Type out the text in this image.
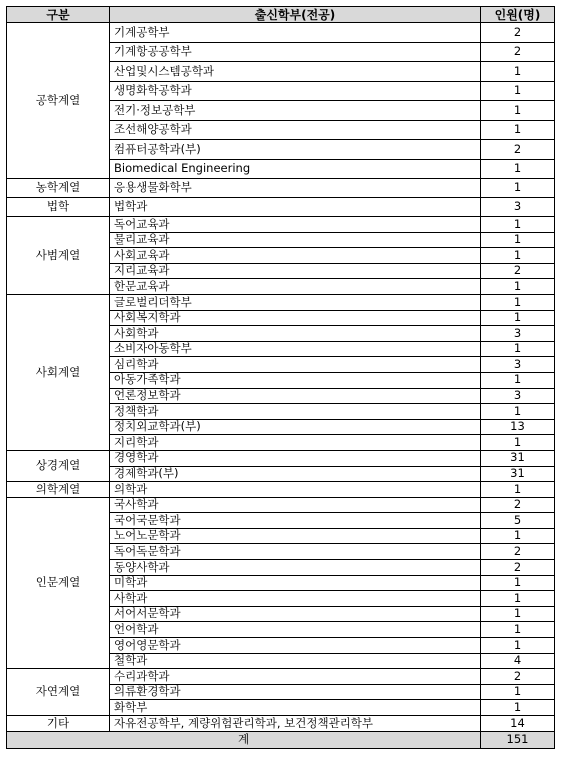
구분	출신학부(전공)	인원(명)
공학계열	기계공학부	2
	기계항공공학부	2
	산업및시스템공학과	1
	생명화학공학과	1
	전기·정보공학부	1
	조선해양공학과	1
	컴퓨터공학과(부)	2
	Biomedical Engineering	1
농학계열	응용생물화학부	1
법학	법학과	3
사범계열	독어교육과	1
	물리교육과	1
	사회교육과	1
	지리교육과	2
	한문교육과	1
사회계열	글로벌리더학부	1
	사회복지학과	1
	사회학과	3
	소비자아동학부	1
	심리학과	3
	아동가족학과	1
	언론정보학과	3
	정책학과	1
	정치외교학과(부)	13
	지리학과	1
상경계열	경영학과	31
	경제학과(부)	31
의학계열	의학과	1
인문계열	국사학과	2
	국어국문학과	5
	노어노문학과	1
	독어독문학과	2
	동양사학과	2
	미학과	1
	사학과	1
	서어서문학과	1
	언어학과	1
	영어영문학과	1
	철학과	4
자연계열	수리과학과	2
	의류환경학과	1
	화학부	1
기타	자유전공학부, 계량위험관리학과, 보건정책관리학부	14
계		151
